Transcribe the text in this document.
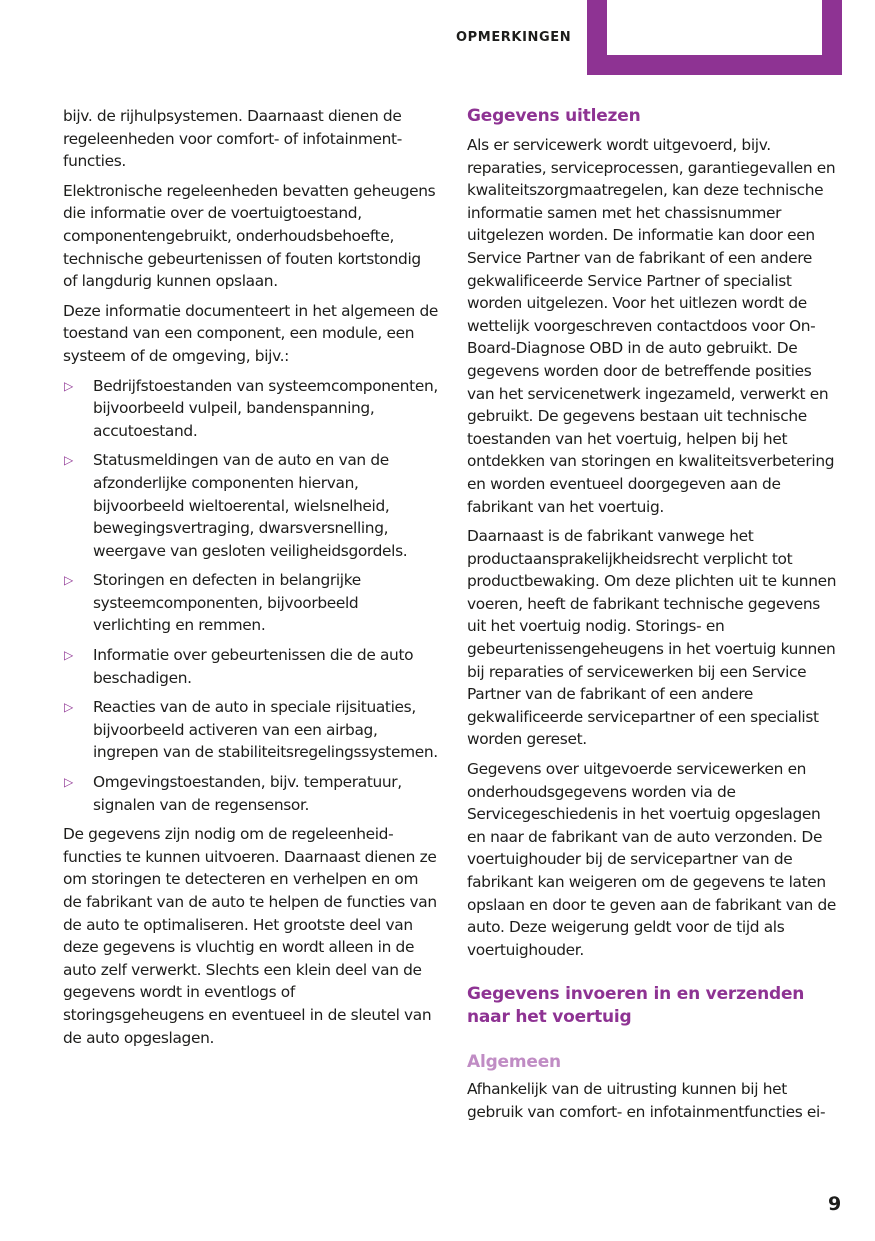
OPMERKINGEN

bijv. de rijhulpsystemen. Daarnaast dienen de regeleenheden voor comfort- of infotainment-functies.

Elektronische regeleenheden bevatten geheugens die informatie over de voertuigtoestand, componentengebruikt, onderhoudsbehoefte, technische gebeurtenissen of fouten kortstondig of langdurig kunnen opslaan.

Deze informatie documenteert in het algemeen de toestand van een component, een module, een systeem of de omgeving, bijv.:

▷ Bedrijfstoestanden van systeemcomponenten, bijvoorbeeld vulpeil, bandenspanning, accutoestand.
▷ Statusmeldingen van de auto en van de afzonderlijke componenten hiervan, bijvoorbeeld wieltoerental, wielsnelheid, bewegingsvertraging, dwarsversnelling, weergave van gesloten veiligheidsgordels.
▷ Storingen en defecten in belangrijke systeemcomponenten, bijvoorbeeld verlichting en remmen.
▷ Informatie over gebeurtenissen die de auto beschadigen.
▷ Reacties van de auto in speciale rijsituaties, bijvoorbeeld activeren van een airbag, ingrepen van de stabiliteitsregelingssystemen.
▷ Omgevingstoestanden, bijv. temperatuur, signalen van de regensensor.

De gegevens zijn nodig om de regeleenheid-functies te kunnen uitvoeren. Daarnaast dienen ze om storingen te detecteren en verhelpen en om de fabrikant van de auto te helpen de functies van de auto te optimaliseren. Het grootste deel van deze gegevens is vluchtig en wordt alleen in de auto zelf verwerkt. Slechts een klein deel van de gegevens wordt in eventlogs of storingsgeheugens en eventueel in de sleutel van de auto opgeslagen.

Gegevens uitlezen

Als er servicewerk wordt uitgevoerd, bijv. reparaties, serviceprocessen, garantiegevallen en kwaliteitszorgmaatregelen, kan deze technische informatie samen met het chassisnummer uitgelezen worden. De informatie kan door een Service Partner van de fabrikant of een andere gekwalificeerde Service Partner of specialist worden uitgelezen. Voor het uitlezen wordt de wettelijk voorgeschreven contactdoos voor On-Board-Diagnose OBD in de auto gebruikt. De gegevens worden door de betreffende posities van het servicenetwerk ingezameld, verwerkt en gebruikt. De gegevens bestaan uit technische toestanden van het voertuig, helpen bij het ontdekken van storingen en kwaliteitsverbetering en worden eventueel doorgegeven aan de fabrikant van het voertuig.

Daarnaast is de fabrikant vanwege het productaansprakelijkheidsrecht verplicht tot productbewaking. Om deze plichten uit te kunnen voeren, heeft de fabrikant technische gegevens uit het voertuig nodig. Storings- en gebeurtenissengeheugens in het voertuig kunnen bij reparaties of servicewerken bij een Service Partner van de fabrikant of een andere gekwalificeerde servicepartner of een specialist worden gereset.

Gegevens over uitgevoerde servicewerken en onderhoudsgegevens worden via de Servicegeschiedenis in het voertuig opgeslagen en naar de fabrikant van de auto verzonden. De voertuighouder bij de servicepartner van de fabrikant kan weigeren om de gegevens te laten opslaan en door te geven aan de fabrikant van de auto. Deze weigerung geldt voor de tijd als voertuighouder.

Gegevens invoeren in en verzenden naar het voertuig
Algemeen

Afhankelijk van de uitrusting kunnen bij het gebruik van comfort- en infotainmentfuncties ei-

9
